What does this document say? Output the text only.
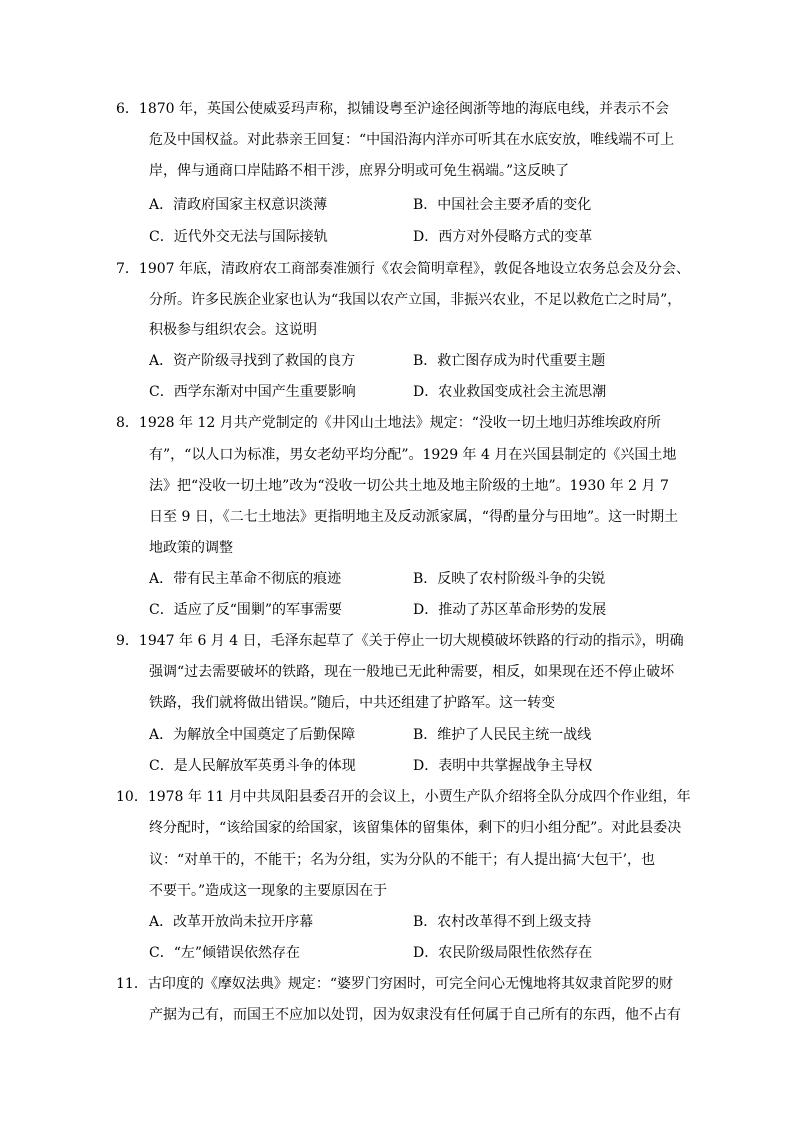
6．1870 年，英国公使威妥玛声称，拟铺设粤至沪途径闽浙等地的海底电线，并表示不会
危及中国权益。对此恭亲王回复：“中国沿海内洋亦可听其在水底安放，唯线端不可上
岸，俾与通商口岸陆路不相干涉，庶界分明或可免生祸端。”这反映了
A．清政府国家主权意识淡薄	B．中国社会主要矛盾的变化
C．近代外交无法与国际接轨	D．西方对外侵略方式的变革
7．1907 年底，清政府农工商部奏准颁行《农会简明章程》，敦促各地设立农务总会及分会、
分所。许多民族企业家也认为“我国以农产立国，非振兴农业，不足以救危亡之时局”，
积极参与组织农会。这说明
A．资产阶级寻找到了救国的良方	B．救亡图存成为时代重要主题
C．西学东渐对中国产生重要影响	D．农业救国变成社会主流思潮
8．1928 年 12 月共产党制定的《井冈山土地法》规定：“没收一切土地归苏维埃政府所
有”，“以人口为标准，男女老幼平均分配”。1929 年 4 月在兴国县制定的《兴国土地
法》把“没收一切土地”改为“没收一切公共土地及地主阶级的土地”。1930 年 2 月 7
日至 9 日，《二七土地法》更指明地主及反动派家属，“得酌量分与田地”。这一时期土
地政策的调整
A．带有民主革命不彻底的痕迹	B．反映了农村阶级斗争的尖锐
C．适应了反“围剿”的军事需要	D．推动了苏区革命形势的发展
9．1947 年 6 月 4 日，毛泽东起草了《关于停止一切大规模破坏铁路的行动的指示》，明确
强调“过去需要破坏的铁路，现在一般地已无此种需要，相反，如果现在还不停止破坏
铁路，我们就将做出错误。”随后，中共还组建了护路军。这一转变
A．为解放全中国奠定了后勤保障	B．维护了人民民主统一战线
C．是人民解放军英勇斗争的体现	D．表明中共掌握战争主导权
10．1978 年 11 月中共凤阳县委召开的会议上，小贾生产队介绍将全队分成四个作业组，年
终分配时，“该给国家的给国家，该留集体的留集体，剩下的归小组分配”。对此县委决
议：“对单干的，不能干；名为分组，实为分队的不能干；有人提出搞‘大包干’，也
不要干。”造成这一现象的主要原因在于
A．改革开放尚未拉开序幕	B．农村改革得不到上级支持
C．“左”倾错误依然存在	D．农民阶级局限性依然存在
11．古印度的《摩奴法典》规定：“婆罗门穷困时，可完全问心无愧地将其奴隶首陀罗的财
产据为己有，而国王不应加以处罚，因为奴隶没有任何属于自己所有的东西，他不占有
